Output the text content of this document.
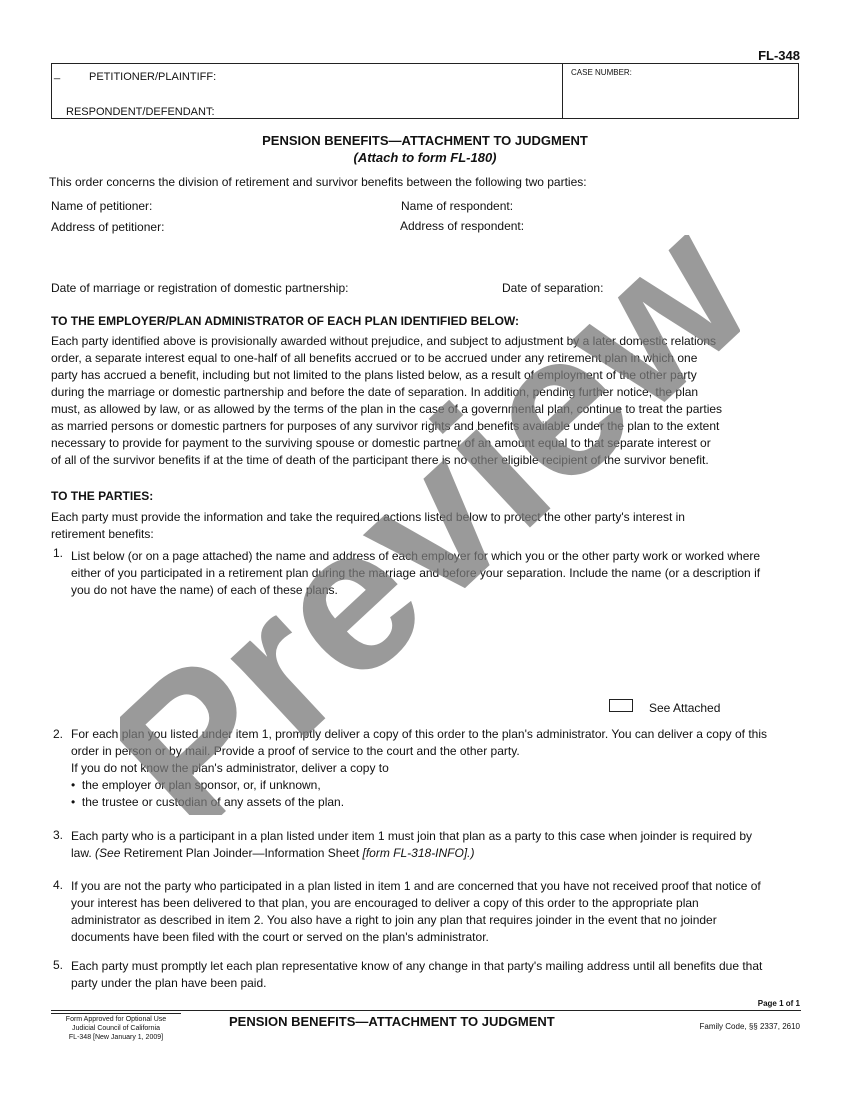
FL-348
_	PETITIONER/PLAINTIFF:
RESPONDENT/DEFENDANT:
CASE NUMBER:
PENSION BENEFITS—ATTACHMENT TO JUDGMENT
(Attach to form FL-180)
This order concerns the division of retirement and survivor benefits between the following two parties:
Name of petitioner:	Name of respondent:
Address of petitioner:	Address of respondent:
Date of marriage or registration of domestic partnership:	Date of separation:
TO THE EMPLOYER/PLAN ADMINISTRATOR OF EACH PLAN IDENTIFIED BELOW:
Each party identified above is provisionally awarded without prejudice, and subject to adjustment by a later domestic relations
order, a separate interest equal to one-half of all benefits accrued or to be accrued under any retirement plan in which one
party has accrued a benefit, including but not limited to the plans listed below, as a result of employment of the other party
during the marriage or domestic partnership and before the date of separation. In addition, pending further notice, the plan
must, as allowed by law, or as allowed by the terms of the plan in the case of a governmental plan, continue to treat the parties
as married persons or domestic partners for purposes of any survivor rights and benefits available under the plan to the extent
necessary to provide for payment to the surviving spouse or domestic partner of an amount equal to that separate interest or
of all of the survivor benefits if at the time of death of the participant there is no other eligible recipient of the survivor benefit.
TO THE PARTIES:
Each party must provide the information and take the required actions listed below to protect the other party's interest in
retirement benefits:
1. List below (or on a page attached) the name and address of each employer for which you or the other party work or worked where
either of you participated in a retirement plan during the marriage and before your separation. Include the name (or a description if
you do not have the name) of each of these plans.
See Attached
2. For each plan you listed under item 1, promptly deliver a copy of this order to the plan's administrator. You can deliver a copy of this
order in person or by mail. Provide a proof of service to the court and the other party.
If you do not know the plan's administrator, deliver a copy to
•  the employer or plan sponsor, or, if unknown,
•  the trustee or custodian of any assets of the plan.
3. Each party who is a participant in a plan listed under item 1 must join that plan as a party to this case when joinder is required by
law. (See Retirement Plan Joinder—Information Sheet [form FL-318-INFO].)
4. If you are not the party who participated in a plan listed in item 1 and are concerned that you have not received proof that notice of
your interest has been delivered to that plan, you are encouraged to deliver a copy of this order to the appropriate plan
administrator as described in item 2. You also have a right to join any plan that requires joinder in the event that no joinder
documents have been filed with the court or served on the plan's administrator.
5. Each party must promptly let each plan representative know of any change in that party's mailing address until all benefits due that
party under the plan have been paid.
Page 1 of 1
Form Approved for Optional Use
Judicial Council of California
FL-348 [New January 1, 2009]
PENSION BENEFITS—ATTACHMENT TO JUDGMENT	Family Code, §§ 2337, 2610
Preview
